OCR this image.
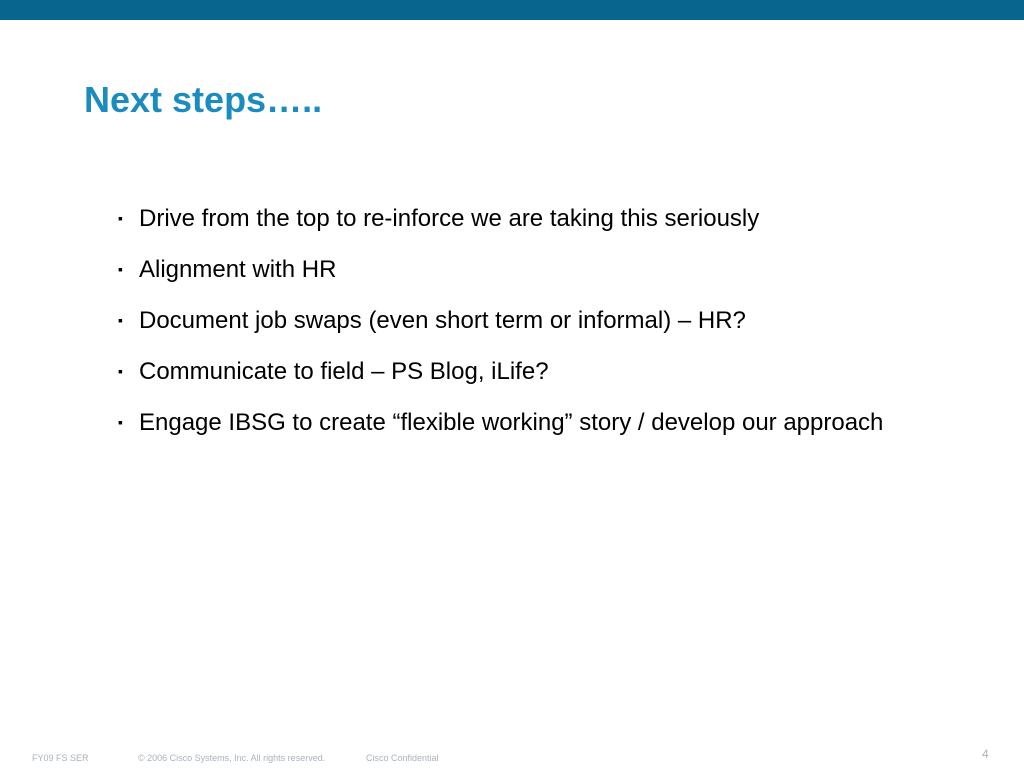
Next steps…..
▪ Drive from the top to re-inforce we are taking this seriously
▪ Alignment with HR
▪ Document job swaps (even short term or informal) – HR?
▪ Communicate to field – PS Blog, iLife?
▪ Engage IBSG to create “flexible working” story / develop our approach
FY09 FS SER	© 2006 Cisco Systems, Inc. All rights reserved.	Cisco Confidential	4
